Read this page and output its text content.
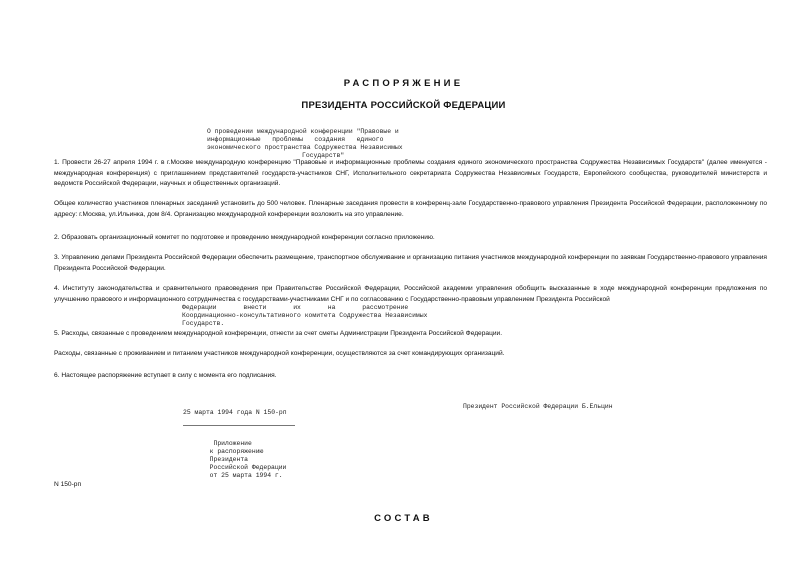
РАСПОРЯЖЕНИЕ
ПРЕЗИДЕНТА РОССИЙСКОЙ ФЕДЕРАЦИИ
О проведении международной конференции "Правовые и
информационные   проблемы   создания   единого
экономического пространства Содружества Независимых
Государств"

1. Провести 26-27 апреля 1994 г. в г.Москве международную конференцию "Правовые и информационные проблемы создания единого экономического пространства Содружества Независимых Государств" (далее именуется - международная конференция) с приглашением представителей государств-участников СНГ, Исполнительного секретариата Содружества Независимых Государств, Европейского сообщества, руководителей министерств и ведомств Российской Федерации, научных и общественных организаций.

Общее количество участников пленарных заседаний установить до 500 человек. Пленарные заседания провести в конференц-зале Государственно-правового управления Президента Российской Федерации, расположенному по адресу: г.Москва, ул.Ильинка, дом 8/4. Организацию международной конференции возложить на это управление.

2. Образовать организационный комитет по подготовке и проведению международной конференции согласно приложению.

3. Управлению делами Президента Российской Федерации обеспечить размещение, транспортное обслуживание и организацию питания участников международной конференции по заявкам Государственно-правового управления Президента Российской Федерации.

4. Институту законодательства и сравнительного правоведения при Правительстве Российской Федерации, Российской академии управления обобщить высказанные в ходе международной конференции предложения по улучшению правового и информационного сотрудничества с государствами-участниками СНГ и по согласованию с Государственно-правовым управлением Президента Российской

Федерации       внести       их       на       рассмотрение
Координационно-консультативного комитета Содружества Независимых
Государств.

5. Расходы, связанные с проведением международной конференции, отнести за счет сметы Администрации Президента Российской Федерации.

Расходы, связанные с проживанием и питанием участников международной конференции, осуществляются за счет командирующих организаций.

6. Настоящее распоряжение вступает в силу с момента его подписания.

Президент Российской Федерации Б.Ельцин
25 марта 1994 года N 150-рп
Приложение
к распоряжению
Президента
Российской Федерации
от 25 марта 1994 г.
N 150-рп
СОСТАВ
